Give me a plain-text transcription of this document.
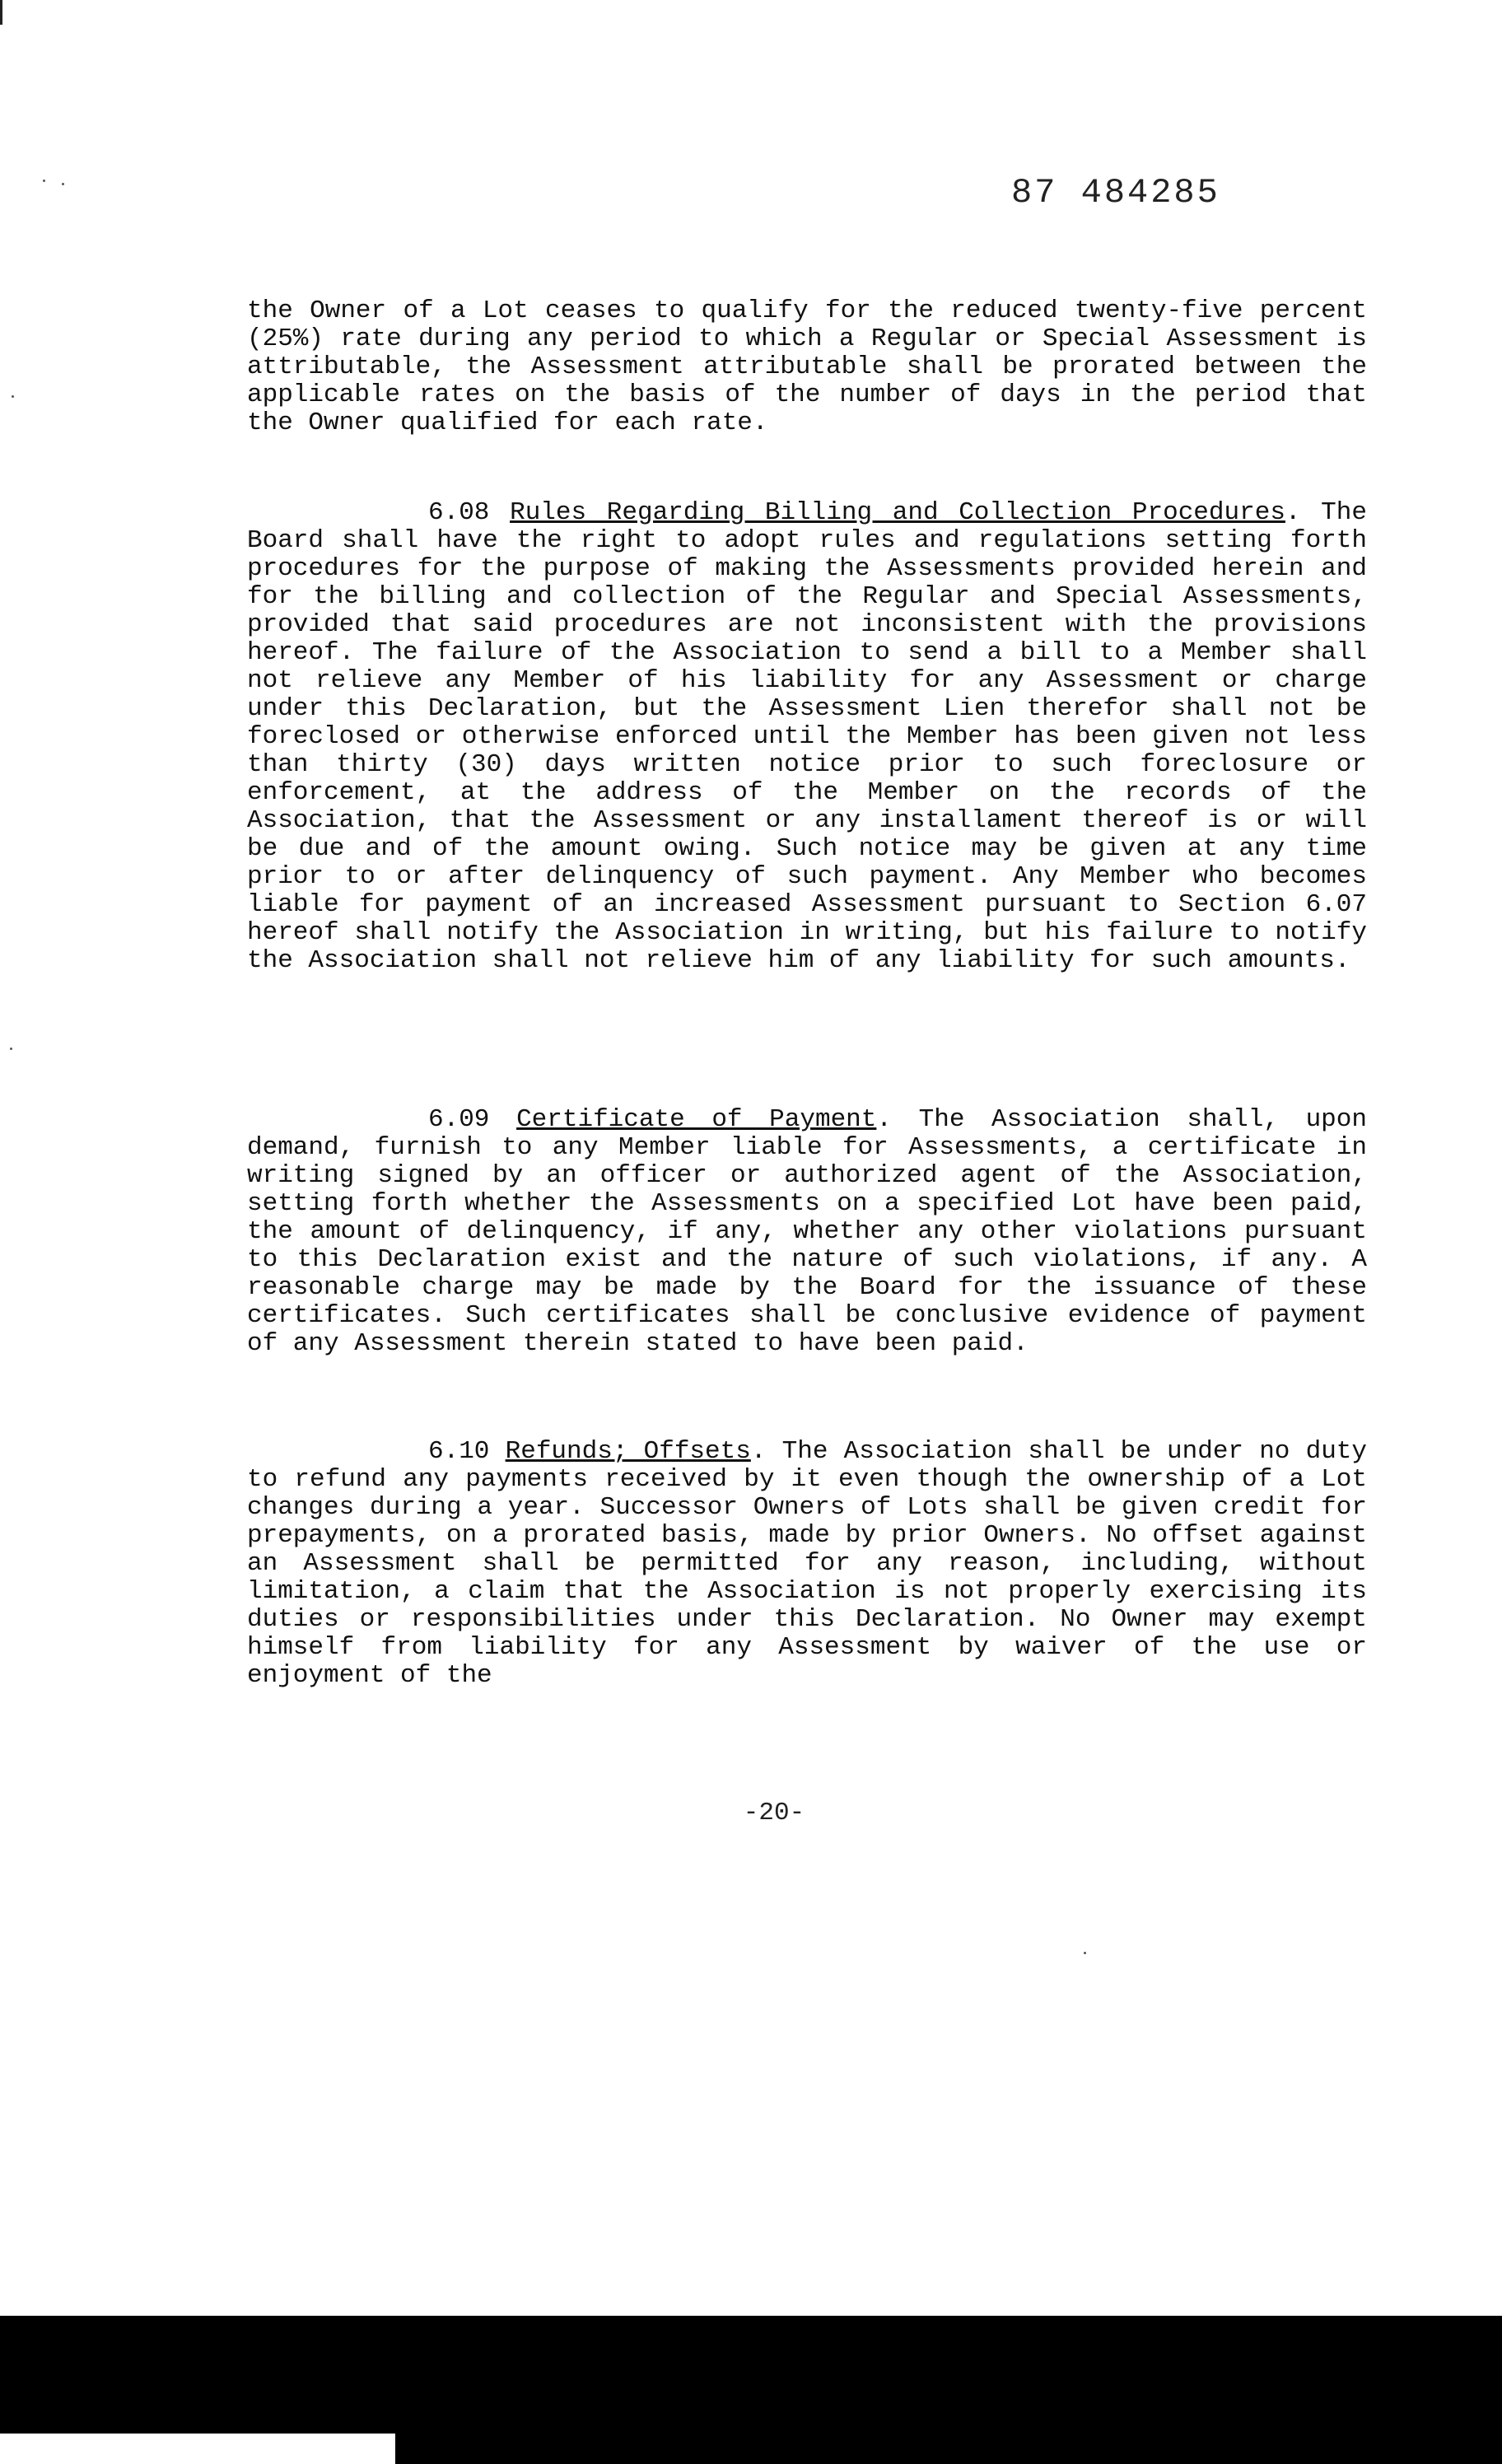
87 484285

the Owner of a Lot ceases to qualify for the reduced twenty-five percent (25%) rate during any period to which a Regular or Special Assessment is attributable, the Assessment attributable shall be prorated between the applicable rates on the basis of the number of days in the period that the Owner qualified for each rate.

6.08 Rules Regarding Billing and Collection Procedures. The Board shall have the right to adopt rules and regulations setting forth procedures for the purpose of making the Assessments provided herein and for the billing and collection of the Regular and Special Assessments, provided that said procedures are not inconsistent with the provisions hereof. The failure of the Association to send a bill to a Member shall not relieve any Member of his liability for any Assessment or charge under this Declaration, but the Assessment Lien therefor shall not be foreclosed or otherwise enforced until the Member has been given not less than thirty (30) days written notice prior to such foreclosure or enforcement, at the address of the Member on the records of the Association, that the Assessment or any installament thereof is or will be due and of the amount owing. Such notice may be given at any time prior to or after delinquency of such payment. Any Member who becomes liable for payment of an increased Assessment pursuant to Section 6.07 hereof shall notify the Association in writing, but his failure to notify the Association shall not relieve him of any liability for such amounts.

6.09 Certificate of Payment. The Association shall, upon demand, furnish to any Member liable for Assessments, a certificate in writing signed by an officer or authorized agent of the Association, setting forth whether the Assessments on a specified Lot have been paid, the amount of delinquency, if any, whether any other violations pursuant to this Declaration exist and the nature of such violations, if any. A reasonable charge may be made by the Board for the issuance of these certificates. Such certificates shall be conclusive evidence of payment of any Assessment therein stated to have been paid.

6.10 Refunds; Offsets. The Association shall be under no duty to refund any payments received by it even though the ownership of a Lot changes during a year. Successor Owners of Lots shall be given credit for prepayments, on a prorated basis, made by prior Owners. No offset against an Assessment shall be permitted for any reason, including, without limitation, a claim that the Association is not properly exercising its duties or responsibilities under this Declaration. No Owner may exempt himself from liability for any Assessment by waiver of the use or enjoyment of the

-20-
